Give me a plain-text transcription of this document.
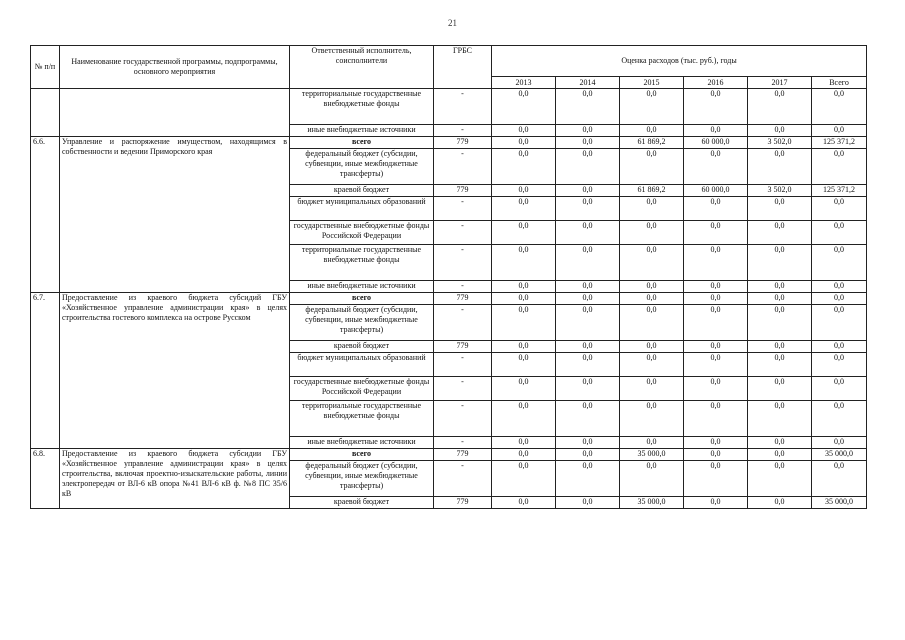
21
№ п/п	Наименование государственной программы, подпрограммы, основного мероприятия	Ответственный исполнитель, соисполнители	ГРБС	Оценка расходов (тыс. руб.), годы					
				2013	2014	2015	2016	2017	Всего
		территориальные государственные внебюджетные фонды	-	0,0	0,0	0,0	0,0	0,0	0,0
		иные внебюджетные источники	-	0,0	0,0	0,0	0,0	0,0	0,0
6.6.	Управление и распоряжение имуществом, находящимся в собственности и ведении Приморского края	всего	779	0,0	0,0	61 869,2	60 000,0	3 502,0	125 371,2
		федеральный бюджет (субсидии, субвенции, иные межбюджетные трансферты)	-	0,0	0,0	0,0	0,0	0,0	0,0
		краевой бюджет	779	0,0	0,0	61 869,2	60 000,0	3 502,0	125 371,2
		бюджет муниципальных образований	-	0,0	0,0	0,0	0,0	0,0	0,0
		государственные внебюджетные фонды Российской Федерации	-	0,0	0,0	0,0	0,0	0,0	0,0
		территориальные государственные внебюджетные фонды	-	0,0	0,0	0,0	0,0	0,0	0,0
		иные внебюджетные источники	-	0,0	0,0	0,0	0,0	0,0	0,0
6.7.	Предоставление из краевого бюджета субсидий ГБУ «Хозяйственное управление администрации края» в целях строительства гостевого комплекса на острове Русском	всего	779	0,0	0,0	0,0	0,0	0,0	0,0
		федеральный бюджет (субсидии, субвенции, иные межбюджетные трансферты)	-	0,0	0,0	0,0	0,0	0,0	0,0
		краевой бюджет	779	0,0	0,0	0,0	0,0	0,0	0,0
		бюджет муниципальных образований	-	0,0	0,0	0,0	0,0	0,0	0,0
		государственные внебюджетные фонды Российской Федерации	-	0,0	0,0	0,0	0,0	0,0	0,0
		территориальные государственные внебюджетные фонды	-	0,0	0,0	0,0	0,0	0,0	0,0
		иные внебюджетные источники	-	0,0	0,0	0,0	0,0	0,0	0,0
6.8.	Предоставление из краевого бюджета субсидии ГБУ «Хозяйственное управление администрации края» в целях строительства, включая проектно-изыскательские работы, линии электропередач от ВЛ-6 кВ опора №41 ВЛ-6 кВ ф. №8 ПС 35/6 кВ	всего	779	0,0	0,0	35 000,0	0,0	0,0	35 000,0
		федеральный бюджет (субсидии, субвенции, иные межбюджетные трансферты)	-	0,0	0,0	0,0	0,0	0,0	0,0
		краевой бюджет	779	0,0	0,0	35 000,0	0,0	0,0	35 000,0
